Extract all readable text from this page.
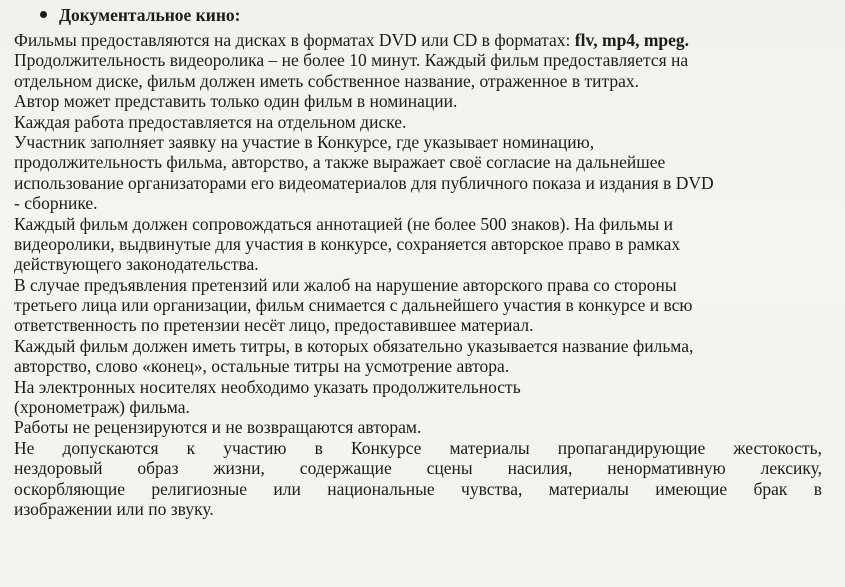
Документальное кино:
Фильмы предоставляются на дисках в форматах DVD или CD в форматах: flv, mp4, mpeg.
Продолжительность видеоролика – не более 10 минут. Каждый фильм предоставляется на
отдельном диске, фильм должен иметь собственное название, отраженное в титрах.
Автор может представить только один фильм в номинации.
Каждая работа предоставляется на отдельном диске.
Участник заполняет заявку на участие в Конкурсе, где указывает номинацию,
продолжительность фильма, авторство, а также выражает своё согласие на дальнейшее
использование организаторами его видеоматериалов для публичного показа и издания в DVD
- сборнике.
Каждый фильм должен сопровождаться аннотацией (не более 500 знаков). На фильмы и
видеоролики, выдвинутые для участия в конкурсе, сохраняется авторское право в рамках
действующего законодательства.
В случае предъявления претензий или жалоб на нарушение авторского права со стороны
третьего лица или организации, фильм снимается с дальнейшего участия в конкурсе и всю
ответственность по претензии несёт лицо, предоставившее материал.
Каждый фильм должен иметь титры, в которых обязательно указывается название фильма,
авторство, слово «конец», остальные титры на усмотрение автора.
На электронных носителях необходимо указать продолжительность
(хронометраж) фильма.
Работы не рецензируются и не возвращаются авторам.
Не допускаются к участию в Конкурсе материалы пропагандирующие жестокость,
нездоровый образ жизни, содержащие сцены насилия, ненормативную лексику,
оскорбляющие религиозные или национальные чувства, материалы имеющие брак в
изображении или по звуку.
